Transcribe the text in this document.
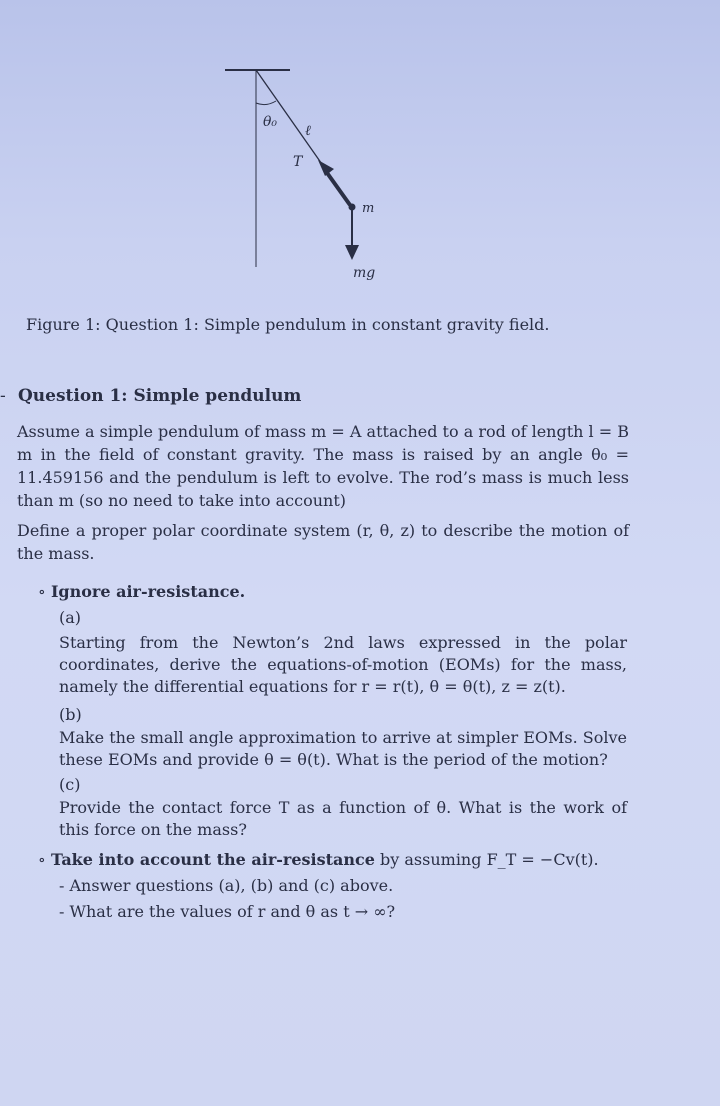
θ₀
ℓ
T
m
mg
Figure 1: Question 1: Simple pendulum in constant gravity field.
- Question 1: Simple pendulum
Assume a simple pendulum of mass m = A attached to a rod of length l = B m in the field of constant gravity. The mass is raised by an angle θ₀ = 11.459156 and the pendulum is left to evolve. The rod’s mass is much less than m (so no need to take into account)
Define a proper polar coordinate system (r, θ, z) to describe the motion of the mass.
∘ Ignore air-resistance.
(a)
Starting from the Newton’s 2nd laws expressed in the polar coordinates, derive the equations-of-motion (EOMs) for the mass, namely the differential equations for r = r(t), θ = θ(t), z = z(t).
(b)
Make the small angle approximation to arrive at simpler EOMs. Solve these EOMs and provide θ = θ(t). What is the period of the motion?
(c)
Provide the contact force T as a function of θ. What is the work of this force on the mass?
∘ Take into account the air-resistance by assuming F_T = −Cv(t).
- Answer questions (a), (b) and (c) above.
- What are the values of r and θ as t → ∞?
